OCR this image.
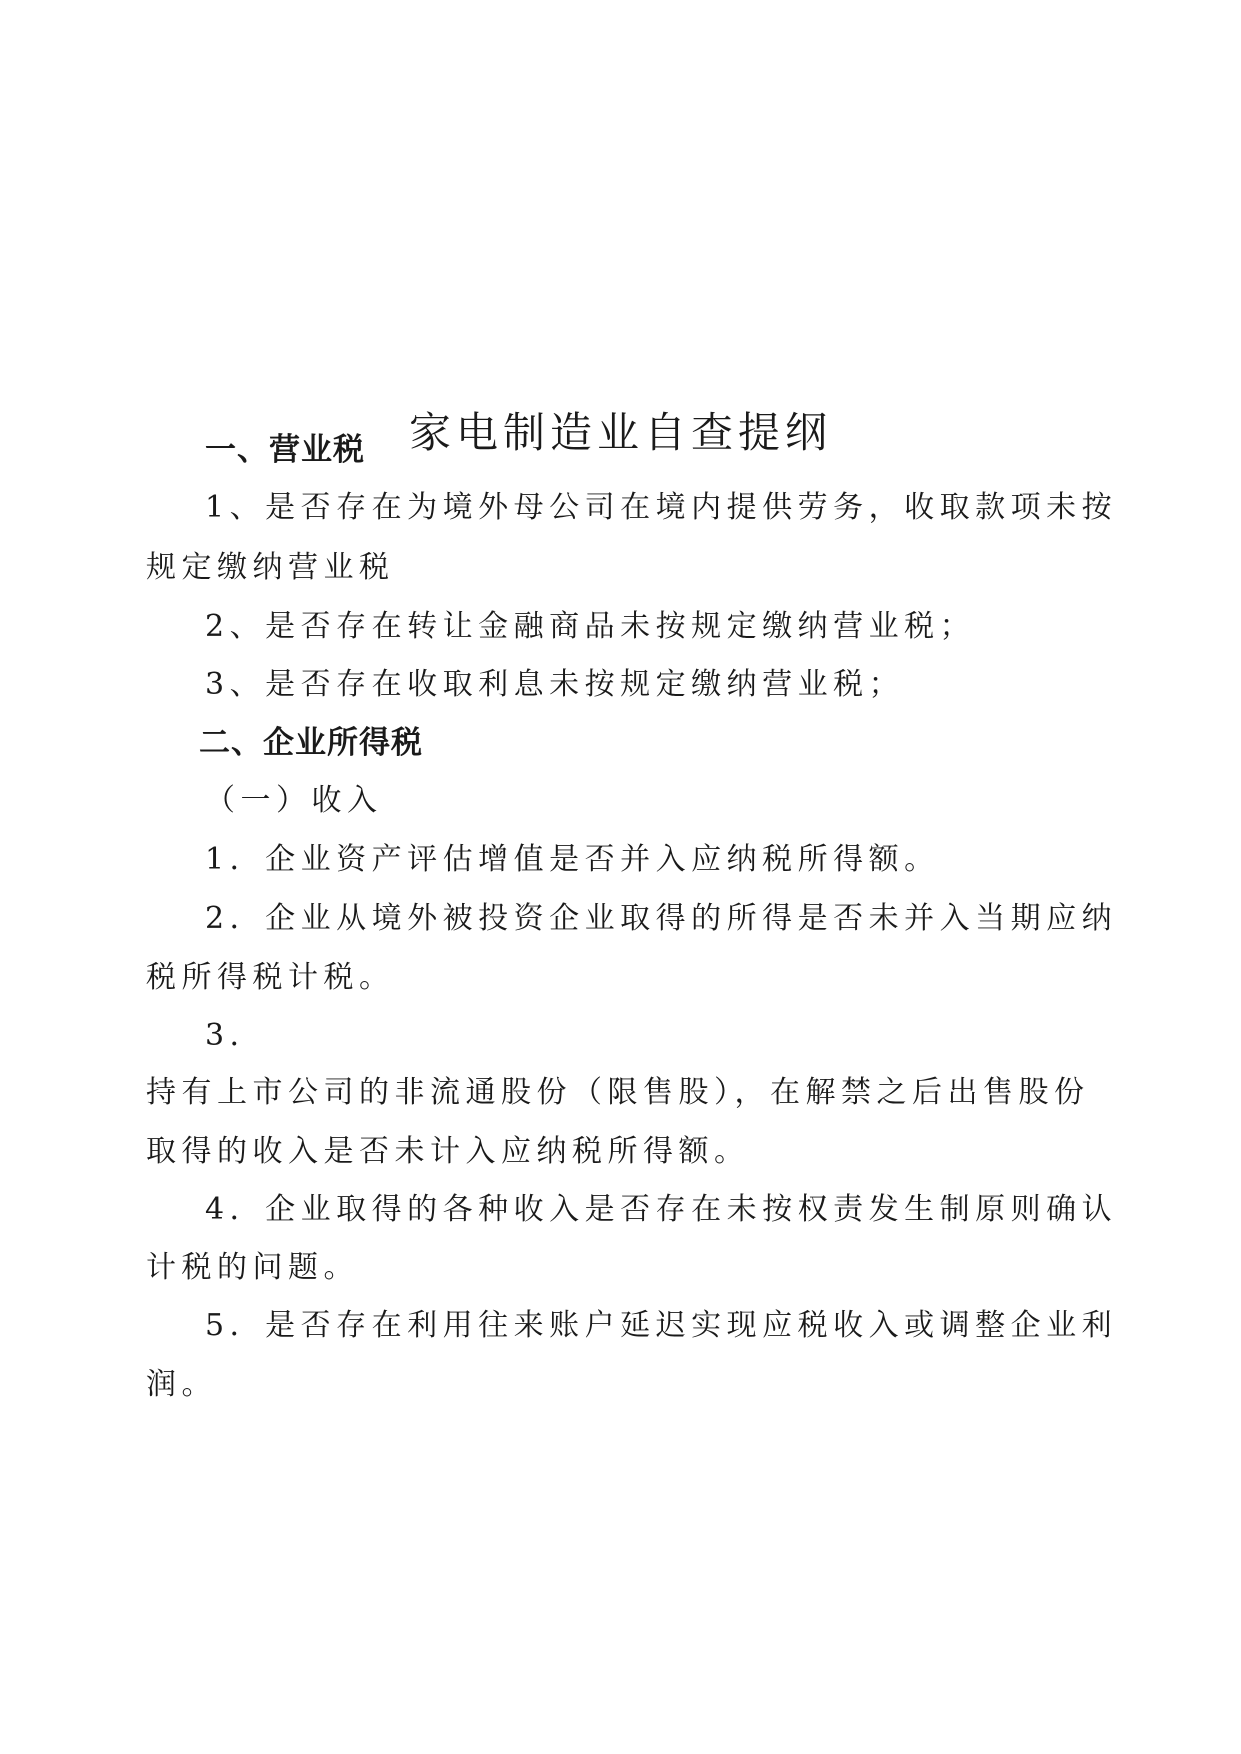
家电制造业自查提纲
一、营业税

1、是否存在为境外母公司在境内提供劳务，收取款项未按

规定缴纳营业税

2、是否存在转让金融商品未按规定缴纳营业税；

3、是否存在收取利息未按规定缴纳营业税；

二、企业所得税

（一）收入

1．企业资产评估增值是否并入应纳税所得额。

2．企业从境外被投资企业取得的所得是否未并入当期应纳

税所得税计税。

3．

持有上市公司的非流通股份（限售股），在解禁之后出售股份

取得的收入是否未计入应纳税所得额。

4．企业取得的各种收入是否存在未按权责发生制原则确认

计税的问题。

5．是否存在利用往来账户延迟实现应税收入或调整企业利

润。
